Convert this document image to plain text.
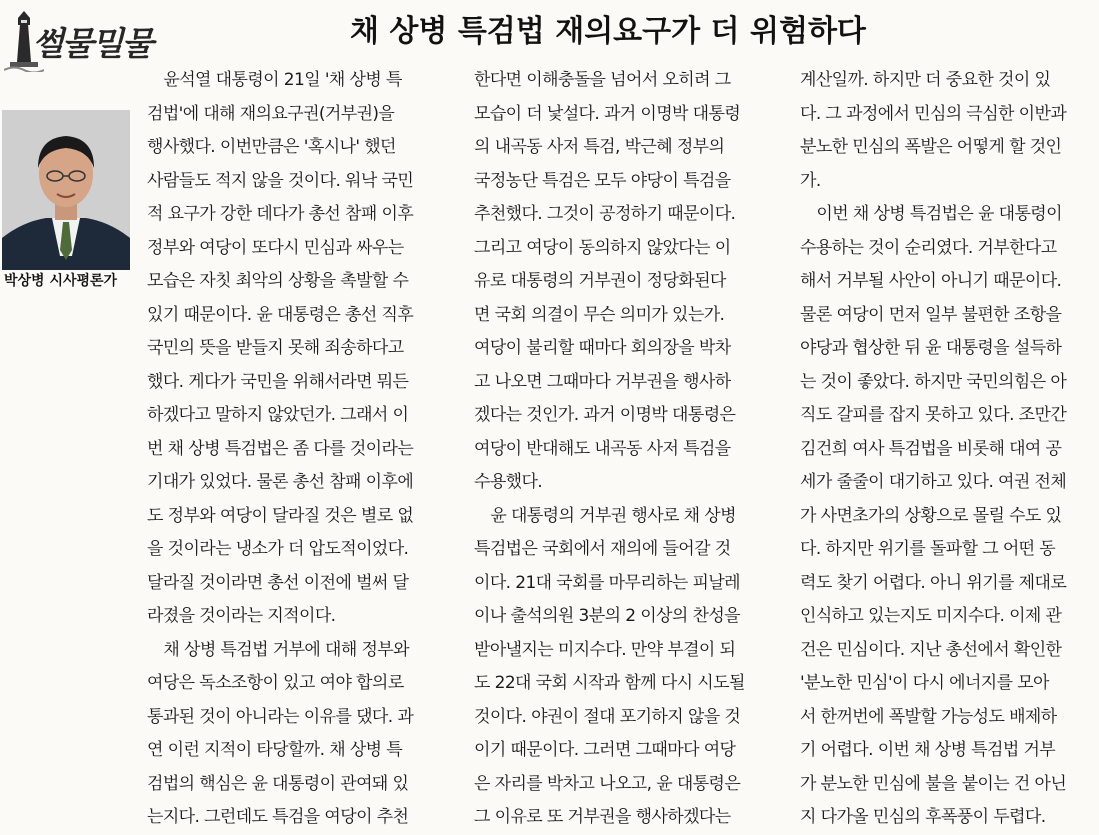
썰물밀물	채 상병 특검법 재의요구가 더 위험하다
박상병 시사평론가
　윤석열 대통령이 21일 '채 상병 특
검법'에 대해 재의요구권(거부권)을
행사했다. 이번만큼은 '혹시나' 했던
사람들도 적지 않을 것이다. 워낙 국민
적 요구가 강한 데다가 총선 참패 이후
정부와 여당이 또다시 민심과 싸우는
모습은 자칫 최악의 상황을 촉발할 수
있기 때문이다. 윤 대통령은 총선 직후
국민의 뜻을 받들지 못해 죄송하다고
했다. 게다가 국민을 위해서라면 뭐든
하겠다고 말하지 않았던가. 그래서 이
번 채 상병 특검법은 좀 다를 것이라는
기대가 있었다. 물론 총선 참패 이후에
도 정부와 여당이 달라질 것은 별로 없
을 것이라는 냉소가 더 압도적이었다.
달라질 것이라면 총선 이전에 벌써 달
라졌을 것이라는 지적이다.
　채 상병 특검법 거부에 대해 정부와
여당은 독소조항이 있고 여야 합의로
통과된 것이 아니라는 이유를 댔다. 과
연 이런 지적이 타당할까. 채 상병 특
검법의 핵심은 윤 대통령이 관여돼 있
는지다. 그런데도 특검을 여당이 추천
한다면 이해충돌을 넘어서 오히려 그
모습이 더 낯설다. 과거 이명박 대통령
의 내곡동 사저 특검, 박근혜 정부의
국정농단 특검은 모두 야당이 특검을
추천했다. 그것이 공정하기 때문이다.
그리고 여당이 동의하지 않았다는 이
유로 대통령의 거부권이 정당화된다
면 국회 의결이 무슨 의미가 있는가.
여당이 불리할 때마다 회의장을 박차
고 나오면 그때마다 거부권을 행사하
겠다는 것인가. 과거 이명박 대통령은
여당이 반대해도 내곡동 사저 특검을
수용했다.
　윤 대통령의 거부권 행사로 채 상병
특검법은 국회에서 재의에 들어갈 것
이다. 21대 국회를 마무리하는 피날레
이나 출석의원 3분의 2 이상의 찬성을
받아낼지는 미지수다. 만약 부결이 되
도 22대 국회 시작과 함께 다시 시도될
것이다. 야권이 절대 포기하지 않을 것
이기 때문이다. 그러면 그때마다 여당
은 자리를 박차고 나오고, 윤 대통령은
그 이유로 또 거부권을 행사하겠다는
계산일까. 하지만 더 중요한 것이 있
다. 그 과정에서 민심의 극심한 이반과
분노한 민심의 폭발은 어떻게 할 것인
가.
　이번 채 상병 특검법은 윤 대통령이
수용하는 것이 순리였다. 거부한다고
해서 거부될 사안이 아니기 때문이다.
물론 여당이 먼저 일부 불편한 조항을
야당과 협상한 뒤 윤 대통령을 설득하
는 것이 좋았다. 하지만 국민의힘은 아
직도 갈피를 잡지 못하고 있다. 조만간
김건희 여사 특검법을 비롯해 대여 공
세가 줄줄이 대기하고 있다. 여권 전체
가 사면초가의 상황으로 몰릴 수도 있
다. 하지만 위기를 돌파할 그 어떤 동
력도 찾기 어렵다. 아니 위기를 제대로
인식하고 있는지도 미지수다. 이제 관
건은 민심이다. 지난 총선에서 확인한
'분노한 민심'이 다시 에너지를 모아
서 한꺼번에 폭발할 가능성도 배제하
기 어렵다. 이번 채 상병 특검법 거부
가 분노한 민심에 불을 붙이는 건 아닌
지 다가올 민심의 후폭풍이 두렵다.
